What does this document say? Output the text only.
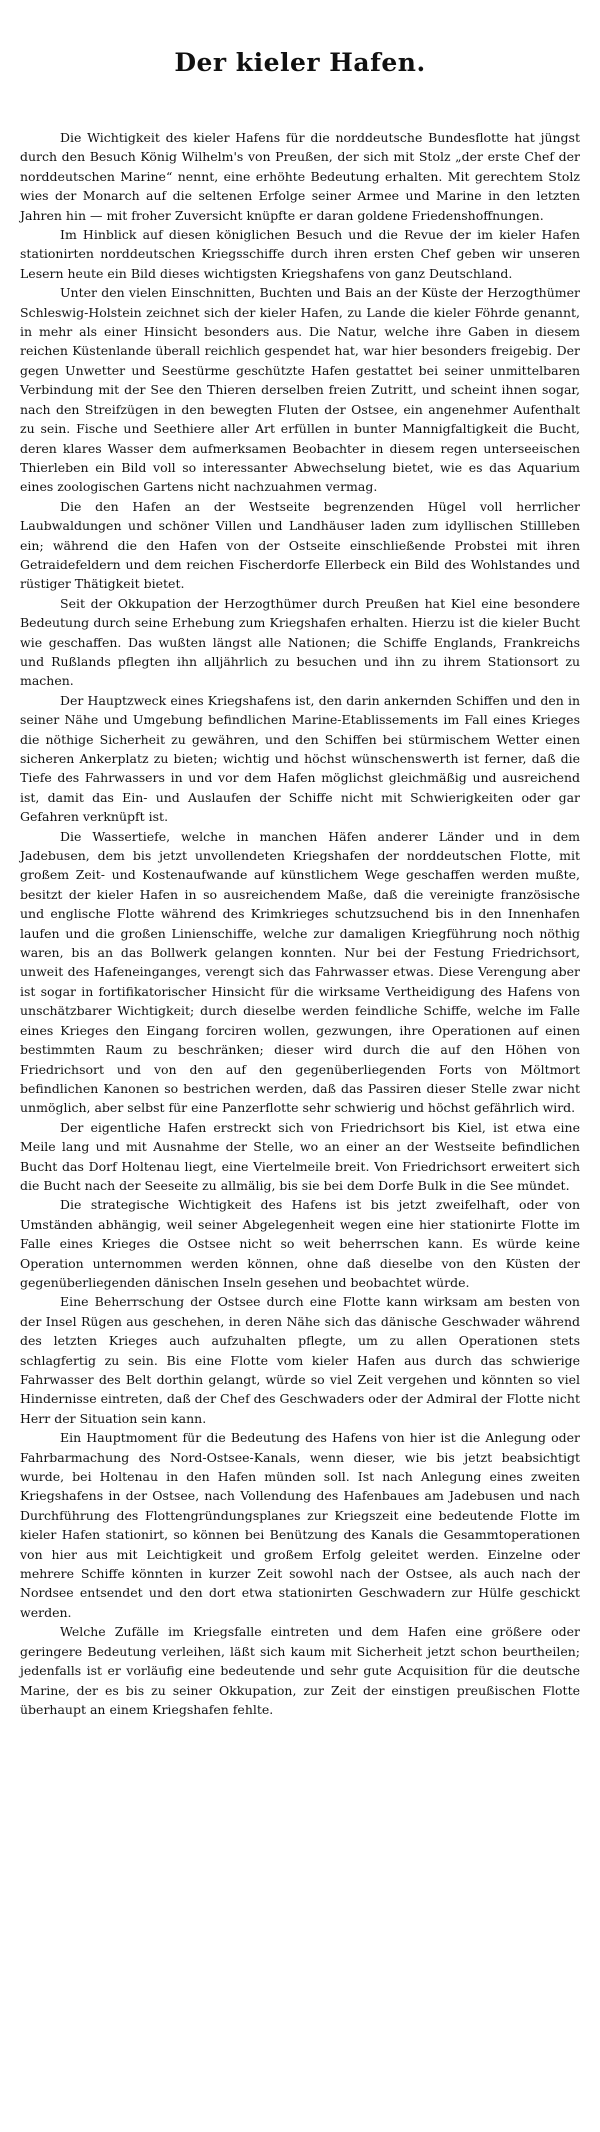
Der kieler Hafen.

Die Wichtigkeit des kieler Hafens für die norddeutsche Bundesflotte hat jüngst durch den Besuch König Wilhelm's von Preußen, der sich mit Stolz „der erste Chef der norddeutschen Marine“ nennt, eine erhöhte Bedeutung erhalten. Mit gerechtem Stolz wies der Monarch auf die seltenen Erfolge seiner Armee und Marine in den letzten Jahren hin — mit froher Zuversicht knüpfte er daran goldene Friedenshoffnungen.

Im Hinblick auf diesen königlichen Besuch und die Revue der im kieler Hafen stationirten norddeutschen Kriegsschiffe durch ihren ersten Chef geben wir unseren Lesern heute ein Bild dieses wichtigsten Kriegshafens von ganz Deutschland.

Unter den vielen Einschnitten, Buchten und Bais an der Küste der Herzogthümer Schleswig-Holstein zeichnet sich der kieler Hafen, zu Lande die kieler Föhrde genannt, in mehr als einer Hinsicht besonders aus. Die Natur, welche ihre Gaben in diesem reichen Küstenlande überall reichlich gespendet hat, war hier besonders freigebig. Der gegen Unwetter und Seestürme geschützte Hafen gestattet bei seiner unmittelbaren Verbindung mit der See den Thieren derselben freien Zutritt, und scheint ihnen sogar, nach den Streifzügen in den bewegten Fluten der Ostsee, ein angenehmer Aufenthalt zu sein. Fische und Seethiere aller Art erfüllen in bunter Mannigfaltigkeit die Bucht, deren klares Wasser dem aufmerksamen Beobachter in diesem regen unterseeischen Thierleben ein Bild voll so interessanter Abwechselung bietet, wie es das Aquarium eines zoologischen Gartens nicht nachzuahmen vermag.

Die den Hafen an der Westseite begrenzenden Hügel voll herrlicher Laubwaldungen und schöner Villen und Landhäuser laden zum idyllischen Stillleben ein; während die den Hafen von der Ostseite einschließende Probstei mit ihren Getraidefeldern und dem reichen Fischerdorfe Ellerbeck ein Bild des Wohlstandes und rüstiger Thätigkeit bietet.

Seit der Okkupation der Herzogthümer durch Preußen hat Kiel eine besondere Bedeutung durch seine Erhebung zum Kriegshafen erhalten. Hierzu ist die kieler Bucht wie geschaffen. Das wußten längst alle Nationen; die Schiffe Englands, Frankreichs und Rußlands pflegten ihn alljährlich zu besuchen und ihn zu ihrem Stationsort zu machen.

Der Hauptzweck eines Kriegshafens ist, den darin ankernden Schiffen und den in seiner Nähe und Umgebung befindlichen Marine-Etablissements im Fall eines Krieges die nöthige Sicherheit zu gewähren, und den Schiffen bei stürmischem Wetter einen sicheren Ankerplatz zu bieten; wichtig und höchst wünschenswerth ist ferner, daß die Tiefe des Fahrwassers in und vor dem Hafen möglichst gleichmäßig und ausreichend ist, damit das Ein- und Auslaufen der Schiffe nicht mit Schwierigkeiten oder gar Gefahren verknüpft ist.

Die Wassertiefe, welche in manchen Häfen anderer Länder und in dem Jadebusen, dem bis jetzt unvollendeten Kriegshafen der norddeutschen Flotte, mit großem Zeit- und Kostenaufwande auf künstlichem Wege geschaffen werden mußte, besitzt der kieler Hafen in so ausreichendem Maße, daß die vereinigte französische und englische Flotte während des Krimkrieges schutzsuchend bis in den Innenhafen laufen und die großen Linienschiffe, welche zur damaligen Kriegführung noch nöthig waren, bis an das Bollwerk gelangen konnten. Nur bei der Festung Friedrichsort, unweit des Hafeneinganges, verengt sich das Fahrwasser etwas. Diese Verengung aber ist sogar in fortifikatorischer Hinsicht für die wirksame Vertheidigung des Hafens von unschätzbarer Wichtigkeit; durch dieselbe werden feindliche Schiffe, welche im Falle eines Krieges den Eingang forciren wollen, gezwungen, ihre Operationen auf einen bestimmten Raum zu beschränken; dieser wird durch die auf den Höhen von Friedrichsort und von den auf den gegenüberliegenden Forts von Möltmort befindlichen Kanonen so bestrichen werden, daß das Passiren dieser Stelle zwar nicht unmöglich, aber selbst für eine Panzerflotte sehr schwierig und höchst gefährlich wird.

Der eigentliche Hafen erstreckt sich von Friedrichsort bis Kiel, ist etwa eine Meile lang und mit Ausnahme der Stelle, wo an einer an der Westseite befindlichen Bucht das Dorf Holtenau liegt, eine Viertelmeile breit. Von Friedrichsort erweitert sich die Bucht nach der Seeseite zu allmälig, bis sie bei dem Dorfe Bulk in die See mündet.

Die strategische Wichtigkeit des Hafens ist bis jetzt zweifelhaft, oder von Umständen abhängig, weil seiner Abgelegenheit wegen eine hier stationirte Flotte im Falle eines Krieges die Ostsee nicht so weit beherrschen kann. Es würde keine Operation unternommen werden können, ohne daß dieselbe von den Küsten der gegenüberliegenden dänischen Inseln gesehen und beobachtet würde.

Eine Beherrschung der Ostsee durch eine Flotte kann wirksam am besten von der Insel Rügen aus geschehen, in deren Nähe sich das dänische Geschwader während des letzten Krieges auch aufzuhalten pflegte, um zu allen Operationen stets schlagfertig zu sein. Bis eine Flotte vom kieler Hafen aus durch das schwierige Fahrwasser des Belt dorthin gelangt, würde so viel Zeit vergehen und könnten so viel Hindernisse eintreten, daß der Chef des Geschwaders oder der Admiral der Flotte nicht Herr der Situation sein kann.

Ein Hauptmoment für die Bedeutung des Hafens von hier ist die Anlegung oder Fahrbarmachung des Nord-Ostsee-Kanals, wenn dieser, wie bis jetzt beabsichtigt wurde, bei Holtenau in den Hafen münden soll. Ist nach Anlegung eines zweiten Kriegshafens in der Ostsee, nach Vollendung des Hafenbaues am Jadebusen und nach Durchführung des Flottengründungsplanes zur Kriegszeit eine bedeutende Flotte im kieler Hafen stationirt, so können bei Benützung des Kanals die Gesammtoperationen von hier aus mit Leichtigkeit und großem Erfolg geleitet werden. Einzelne oder mehrere Schiffe könnten in kurzer Zeit sowohl nach der Ostsee, als auch nach der Nordsee entsendet und den dort etwa stationirten Geschwadern zur Hülfe geschickt werden.

Welche Zufälle im Kriegsfalle eintreten und dem Hafen eine größere oder geringere Bedeutung verleihen, läßt sich kaum mit Sicherheit jetzt schon beurtheilen; jedenfalls ist er vorläufig eine bedeutende und sehr gute Acquisition für die deutsche Marine, der es bis zu seiner Okkupation, zur Zeit der einstigen preußischen Flotte überhaupt an einem Kriegshafen fehlte.
